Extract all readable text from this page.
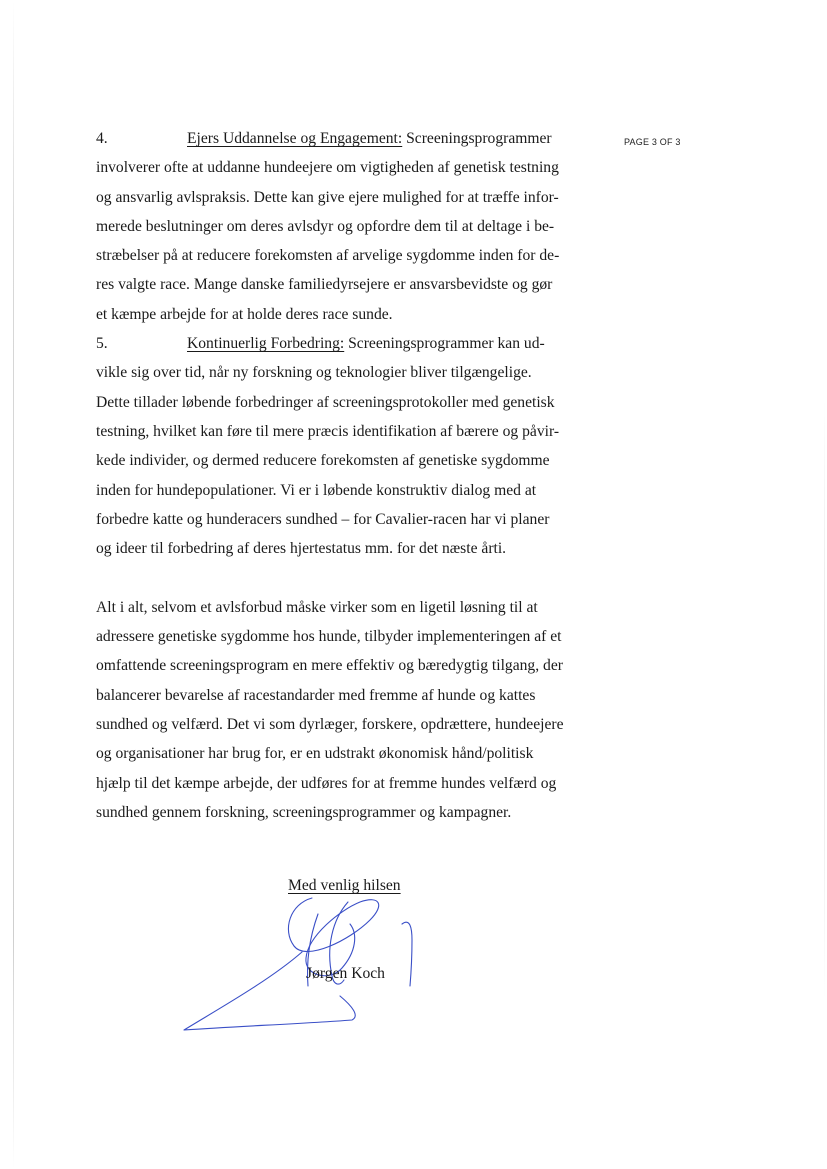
PAGE 3 OF 3
4.	Ejers Uddannelse og Engagement: Screeningsprogrammer
involverer ofte at uddanne hundeejere om vigtigheden af genetisk testning
og ansvarlig avlspraksis. Dette kan give ejere mulighed for at træffe infor-
merede beslutninger om deres avlsdyr og opfordre dem til at deltage i be-
stræbelser på at reducere forekomsten af arvelige sygdomme inden for de-
res valgte race. Mange danske familiedyrsejere er ansvarsbevidste og gør
et kæmpe arbejde for at holde deres race sunde.
5.	Kontinuerlig Forbedring: Screeningsprogrammer kan ud-
vikle sig over tid, når ny forskning og teknologier bliver tilgængelige.
Dette tillader løbende forbedringer af screeningsprotokoller med genetisk
testning, hvilket kan føre til mere præcis identifikation af bærere og påvir-
kede individer, og dermed reducere forekomsten af genetiske sygdomme
inden for hundepopulationer. Vi er i løbende konstruktiv dialog med at
forbedre katte og hunderacers sundhed – for Cavalier-racen har vi planer
og ideer til forbedring af deres hjertestatus mm. for det næste årti.
Alt i alt, selvom et avlsforbud måske virker som en ligetil løsning til at
adressere genetiske sygdomme hos hunde, tilbyder implementeringen af et
omfattende screeningsprogram en mere effektiv og bæredygtig tilgang, der
balancerer bevarelse af racestandarder med fremme af hunde og kattes
sundhed og velfærd. Det vi som dyrlæger, forskere, opdrættere, hundeejere
og organisationer har brug for, er en udstrakt økonomisk hånd/politisk
hjælp til det kæmpe arbejde, der udføres for at fremme hundes velfærd og
sundhed gennem forskning, screeningsprogrammer og kampagner.
Med venlig hilsen
Jørgen Koch
